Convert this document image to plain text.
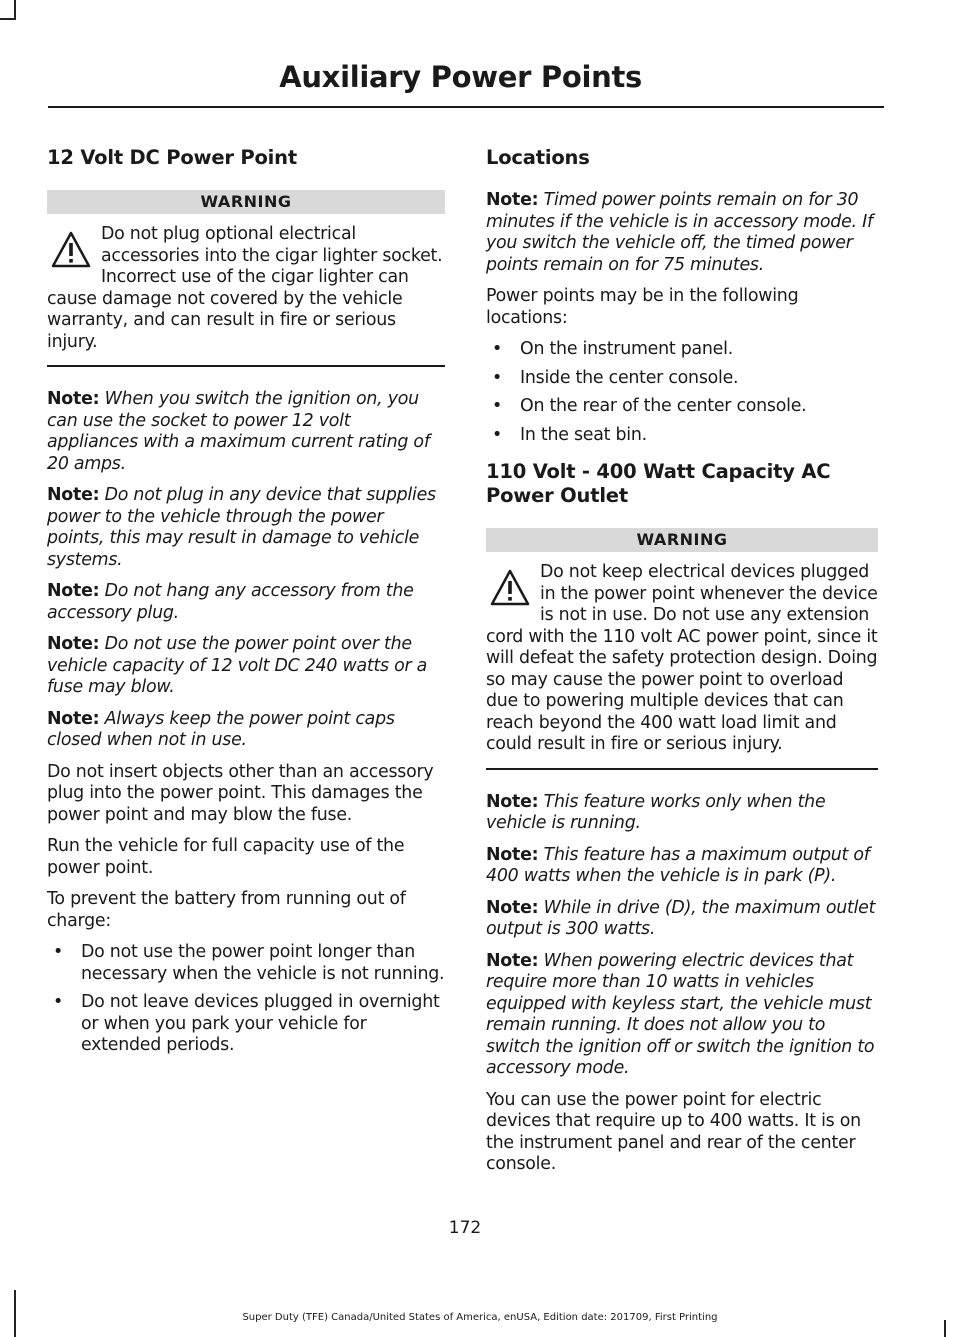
Auxiliary Power Points
12 Volt DC Power Point
WARNING
Do not plug optional electrical accessories into the cigar lighter socket. Incorrect use of the cigar lighter can cause damage not covered by the vehicle warranty, and can result in fire or serious injury.

Note: When you switch the ignition on, you can use the socket to power 12 volt appliances with a maximum current rating of 20 amps.

Note: Do not plug in any device that supplies power to the vehicle through the power points, this may result in damage to vehicle systems.

Note: Do not hang any accessory from the accessory plug.

Note: Do not use the power point over the vehicle capacity of 12 volt DC 240 watts or a fuse may blow.

Note: Always keep the power point caps closed when not in use.

Do not insert objects other than an accessory plug into the power point. This damages the power point and may blow the fuse.

Run the vehicle for full capacity use of the power point.

To prevent the battery from running out of charge:

• Do not use the power point longer than necessary when the vehicle is not running.
• Do not leave devices plugged in overnight or when you park your vehicle for extended periods.
Locations

Note: Timed power points remain on for 30 minutes if the vehicle is in accessory mode. If you switch the vehicle off, the timed power points remain on for 75 minutes.

Power points may be in the following locations:

• On the instrument panel.
• Inside the center console.
• On the rear of the center console.
• In the seat bin.
110 Volt - 400 Watt Capacity AC Power Outlet
WARNING
Do not keep electrical devices plugged in the power point whenever the device is not in use. Do not use any extension cord with the 110 volt AC power point, since it will defeat the safety protection design. Doing so may cause the power point to overload due to powering multiple devices that can reach beyond the 400 watt load limit and could result in fire or serious injury.

Note: This feature works only when the vehicle is running.

Note: This feature has a maximum output of 400 watts when the vehicle is in park (P).

Note: While in drive (D), the maximum outlet output is 300 watts.

Note: When powering electric devices that require more than 10 watts in vehicles equipped with keyless start, the vehicle must remain running. It does not allow you to switch the ignition off or switch the ignition to accessory mode.

You can use the power point for electric devices that require up to 400 watts. It is on the instrument panel and rear of the center console.

172
Super Duty (TFE) Canada/United States of America, enUSA, Edition date: 201709, First Printing
